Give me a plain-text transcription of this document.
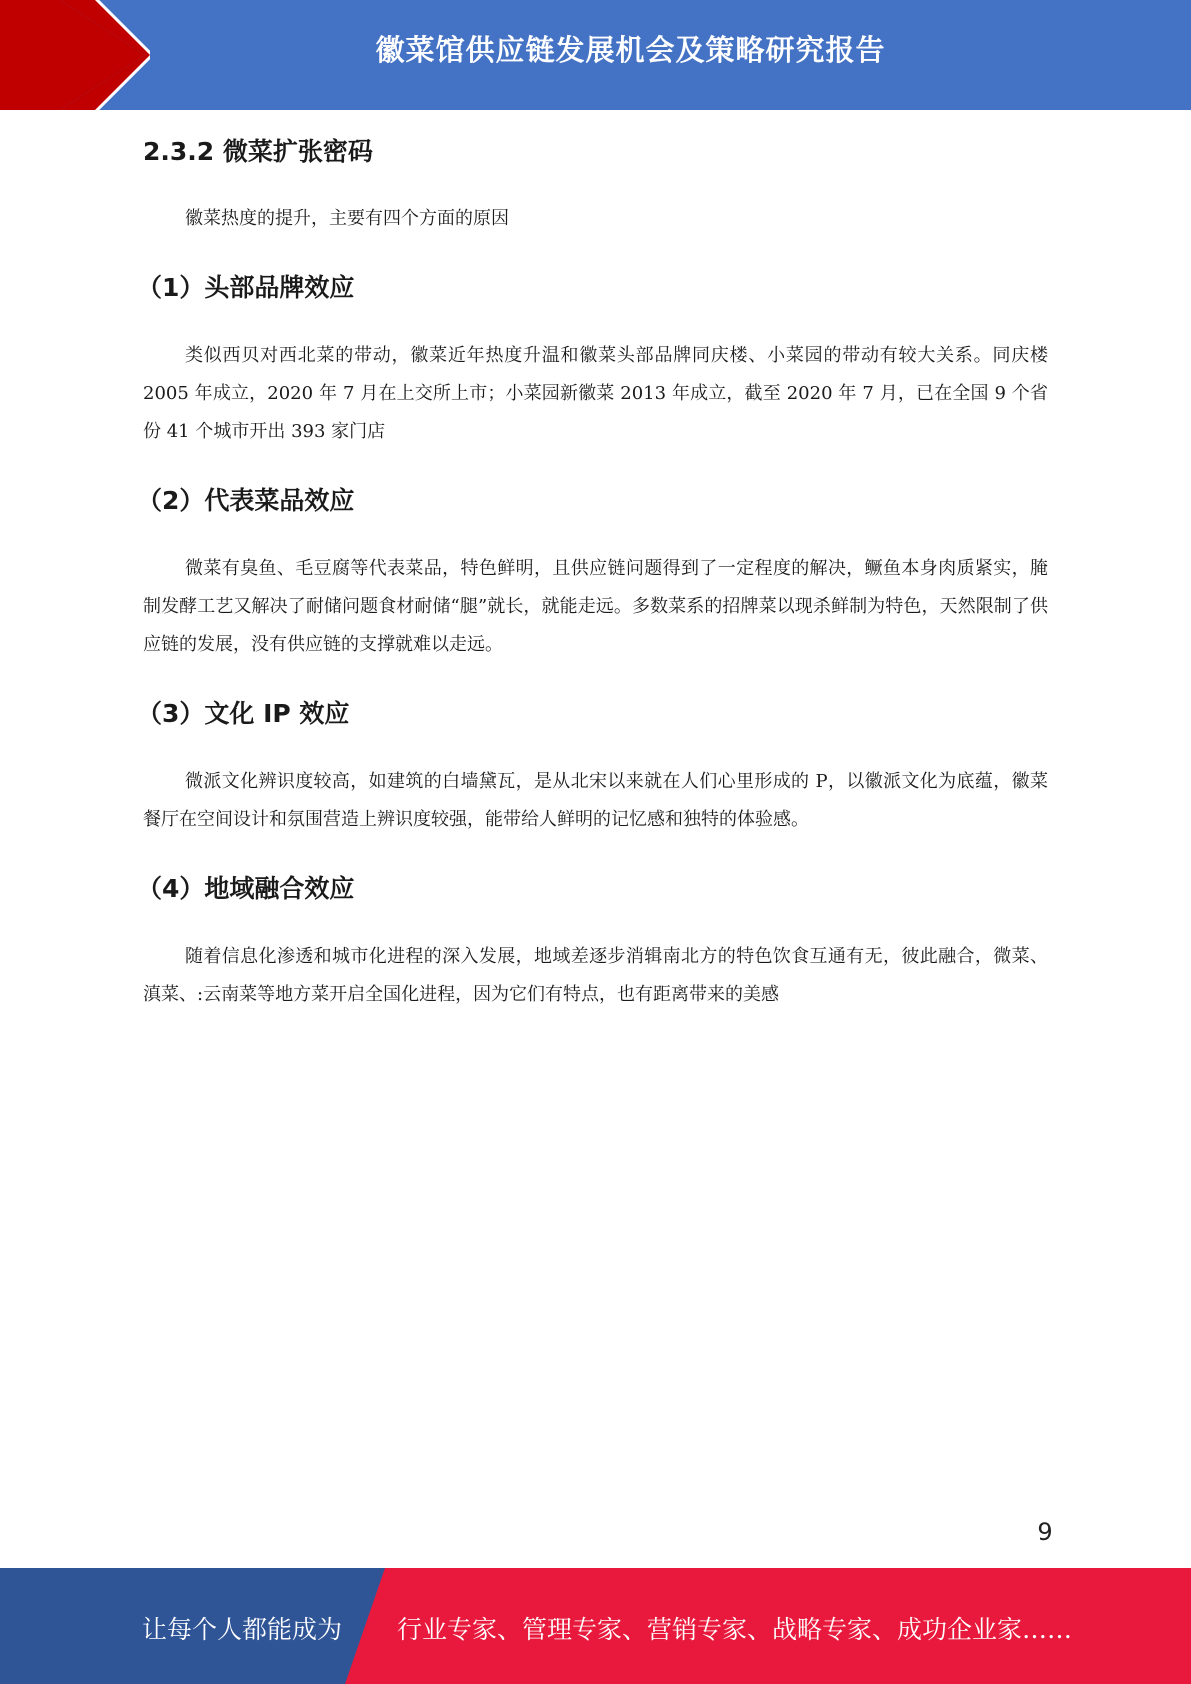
徽菜馆供应链发展机会及策略研究报告
2.3.2 微菜扩张密码

徽菜热度的提升，主要有四个方面的原因

（1）头部品牌效应

类似西贝对西北菜的带动，徽菜近年热度升温和徽菜头部品牌同庆楼、小菜园的带动有较大关系。同庆楼 2005 年成立，2020 年 7 月在上交所上市；小菜园新徽菜 2013 年成立，截至 2020 年 7 月，已在全国 9 个省份 41 个城市开出 393 家门店

（2）代表菜品效应

微菜有臭鱼、毛豆腐等代表菜品，特色鲜明，且供应链问题得到了一定程度的解决，鳜鱼本身肉质紧实，腌制发酵工艺又解决了耐储问题食材耐储“腿”就长，就能走远。多数菜系的招牌菜以现杀鲜制为特色，天然限制了供应链的发展，没有供应链的支撑就难以走远。

（3）文化 IP 效应

微派文化辨识度较高，如建筑的白墙黛瓦，是从北宋以来就在人们心里形成的 P，以徽派文化为底蕴，徽菜餐厅在空间设计和氛围营造上辨识度较强，能带给人鲜明的记忆感和独特的体验感。

（4）地域融合效应

随着信息化渗透和城市化进程的深入发展，地域差逐步消辑南北方的特色饮食互通有无，彼此融合，微菜、滇菜、:云南菜等地方菜开启全国化进程，因为它们有特点，也有距离带来的美感

9
让每个人都能成为 行业专家、管理专家、营销专家、战略专家、成功企业家……
